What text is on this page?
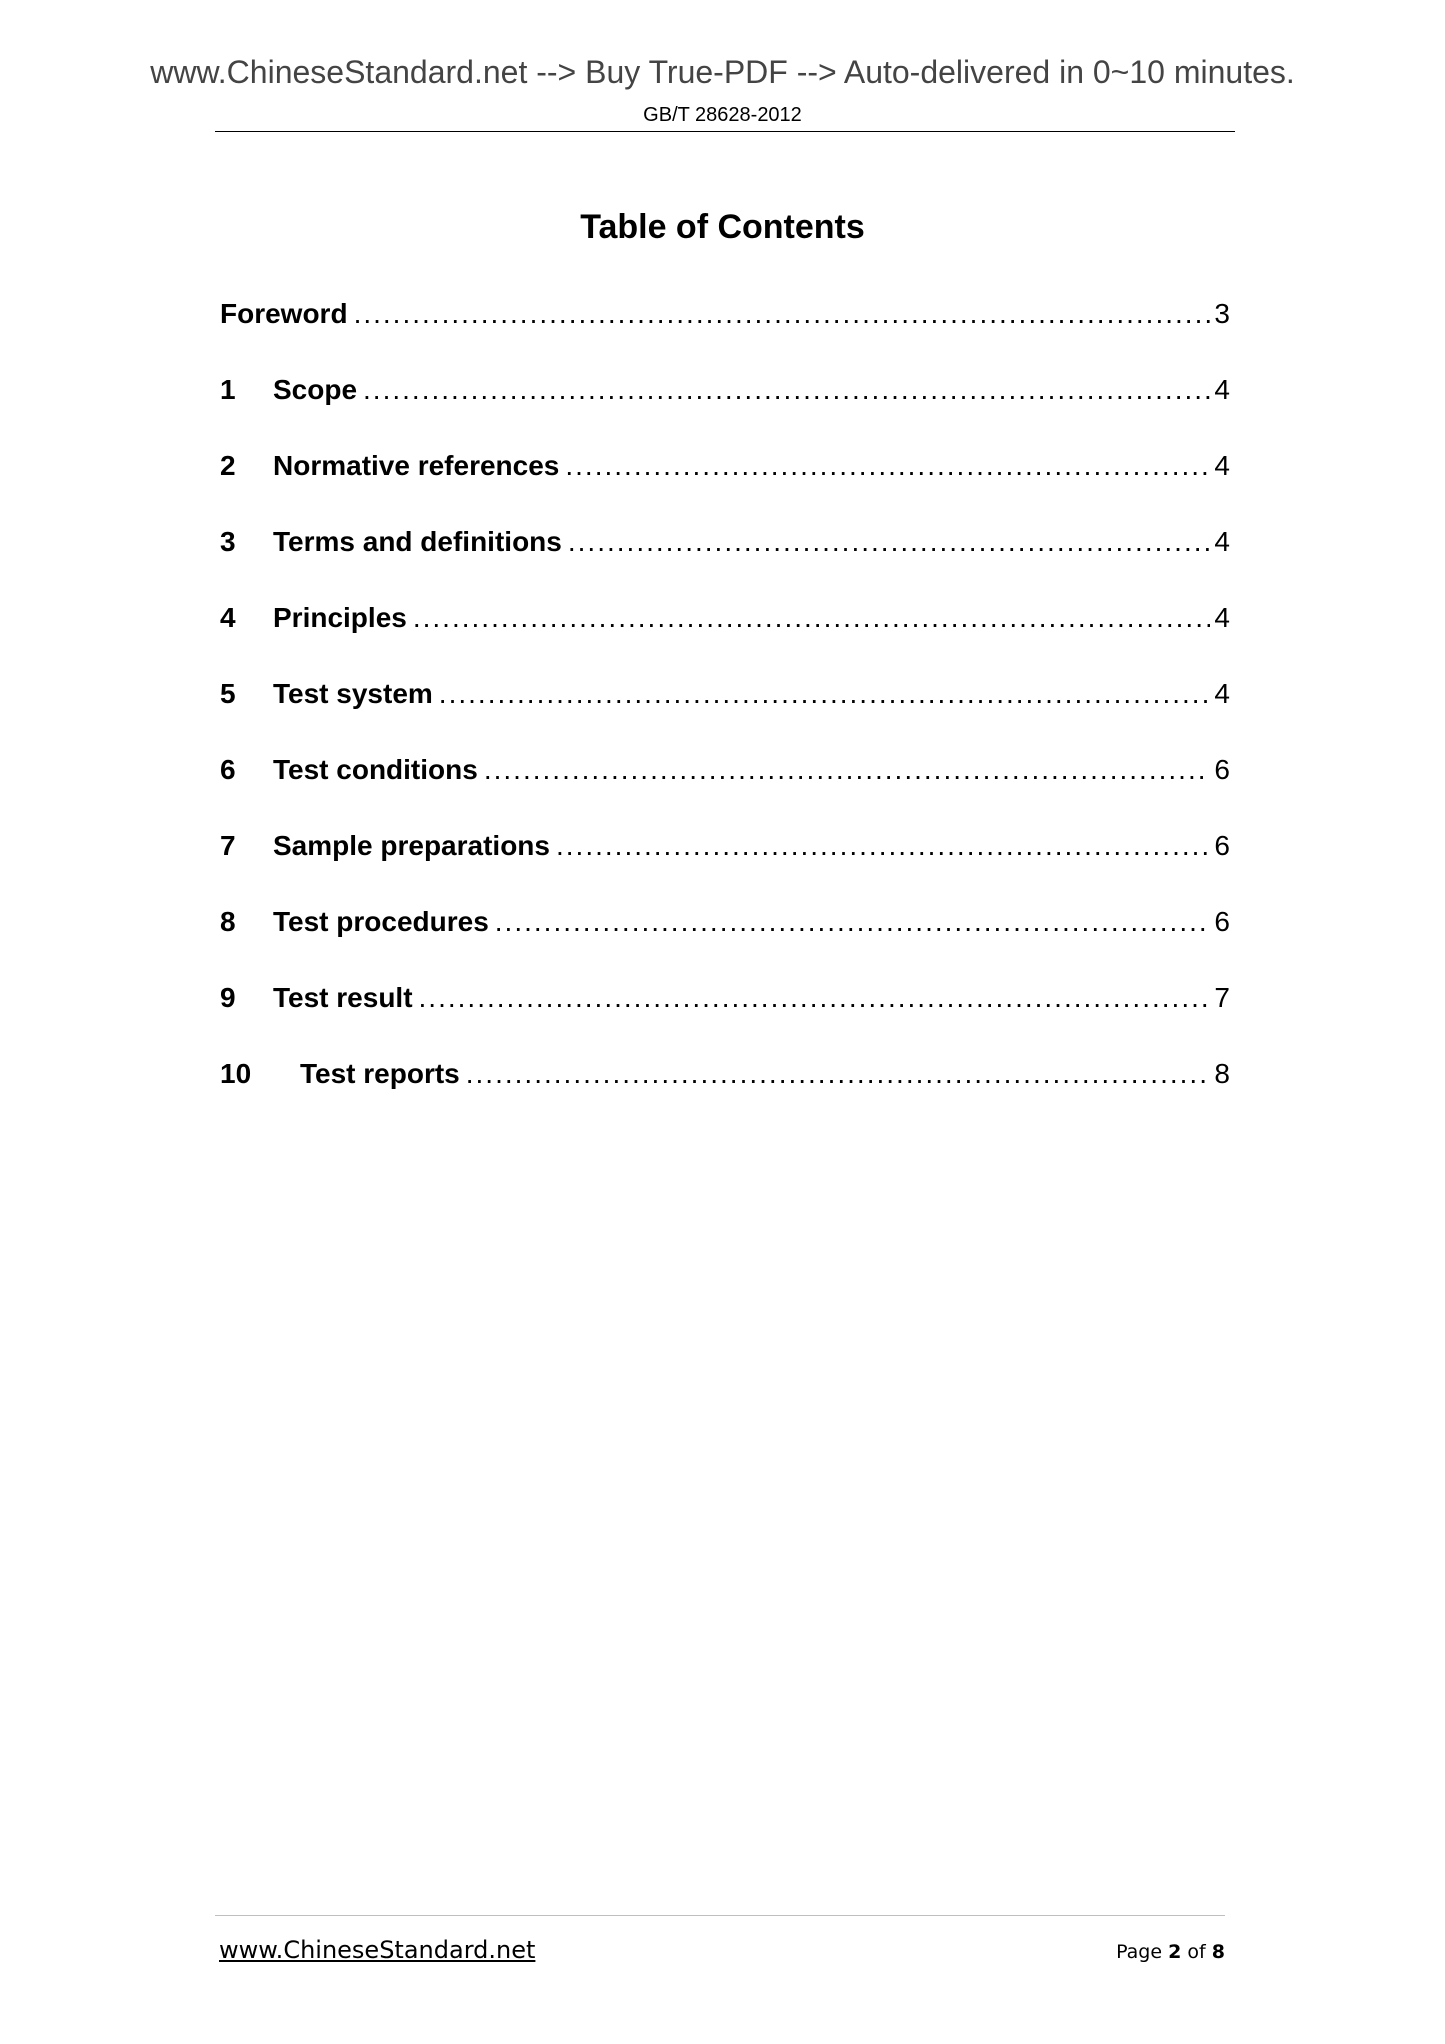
www.ChineseStandard.net --> Buy True-PDF --> Auto-delivered in 0~10 minutes.
GB/T 28628-2012
Table of Contents
Foreword .....	3
1	Scope .....	4
2	Normative references .....	4
3	Terms and definitions .....	4
4	Principles .....	4
5	Test system .....	4
6	Test conditions .....	6
7	Sample preparations .....	6
8	Test procedures .....	6
9	Test result .....	7
10	Test reports .....	8
www.ChineseStandard.net	Page 2 of 8
